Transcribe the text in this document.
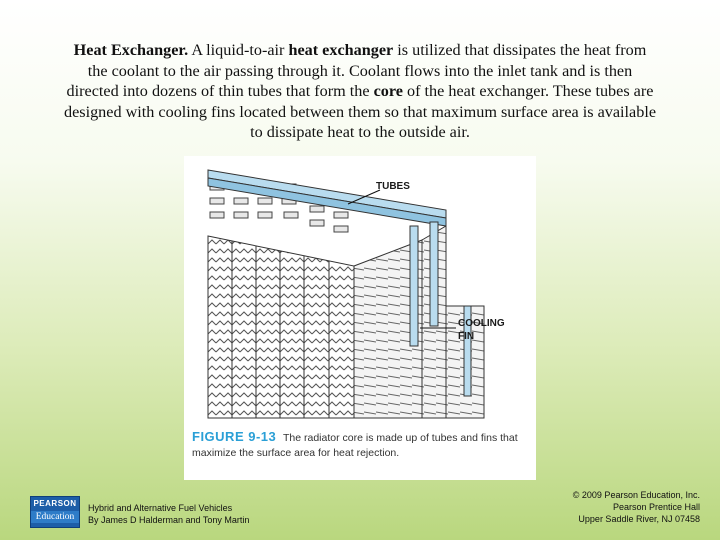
Heat Exchanger. A liquid-to-air heat exchanger is utilized that dissipates the heat from the coolant to the air passing through it. Coolant flows into the inlet tank and is then directed into dozens of thin tubes that form the core of the heat exchanger. These tubes are designed with cooling fins located between them so that maximum surface area is available to dissipate heat to the outside air.
TUBES
COOLING
FIN
FIGURE 9-13 The radiator core is made up of tubes and fins that maximize the surface area for heat rejection.
PEARSON
Education
Hybrid and Alternative Fuel Vehicles
By James D Halderman and Tony Martin
© 2009 Pearson Education, Inc.
Pearson Prentice Hall
Upper Saddle River, NJ 07458
